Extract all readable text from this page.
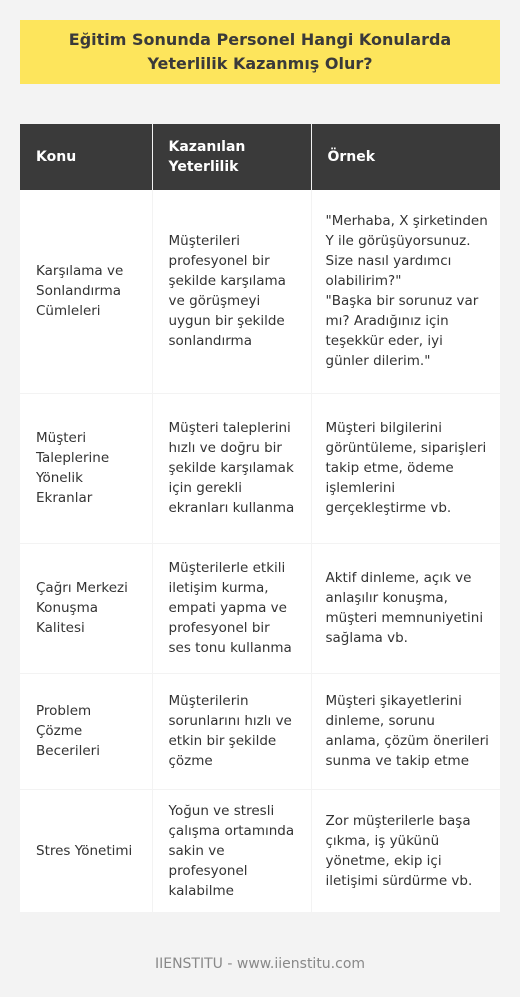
Eğitim Sonunda Personel Hangi Konularda Yeterlilik Kazanmış Olur?
Konu	Kazanılan Yeterlilik	Örnek
Karşılama ve Sonlandırma Cümleleri	Müşterileri profesyonel bir şekilde karşılama ve görüşmeyi uygun bir şekilde sonlandırma	"Merhaba, X şirketinden Y ile görüşüyorsunuz. Size nasıl yardımcı olabilirim?"
"Başka bir sorunuz var mı? Aradığınız için teşekkür eder, iyi günler dilerim."

Müşteri Taleplerine Yönelik Ekranlar	Müşteri taleplerini hızlı ve doğru bir şekilde karşılamak için gerekli ekranları kullanma	Müşteri bilgilerini görüntüleme, siparişleri takip etme, ödeme işlemlerini gerçekleştirme vb.
Çağrı Merkezi Konuşma Kalitesi	Müşterilerle etkili iletişim kurma, empati yapma ve profesyonel bir ses tonu kullanma	Aktif dinleme, açık ve anlaşılır konuşma, müşteri memnuniyetini sağlama vb.
Problem Çözme Becerileri	Müşterilerin sorunlarını hızlı ve etkin bir şekilde çözme	Müşteri şikayetlerini dinleme, sorunu anlama, çözüm önerileri sunma ve takip etme
Stres Yönetimi	Yoğun ve stresli çalışma ortamında sakin ve profesyonel kalabilme	Zor müşterilerle başa çıkma, iş yükünü yönetme, ekip içi iletişimi sürdürme vb.
IIENSTITU - www.iienstitu.com
